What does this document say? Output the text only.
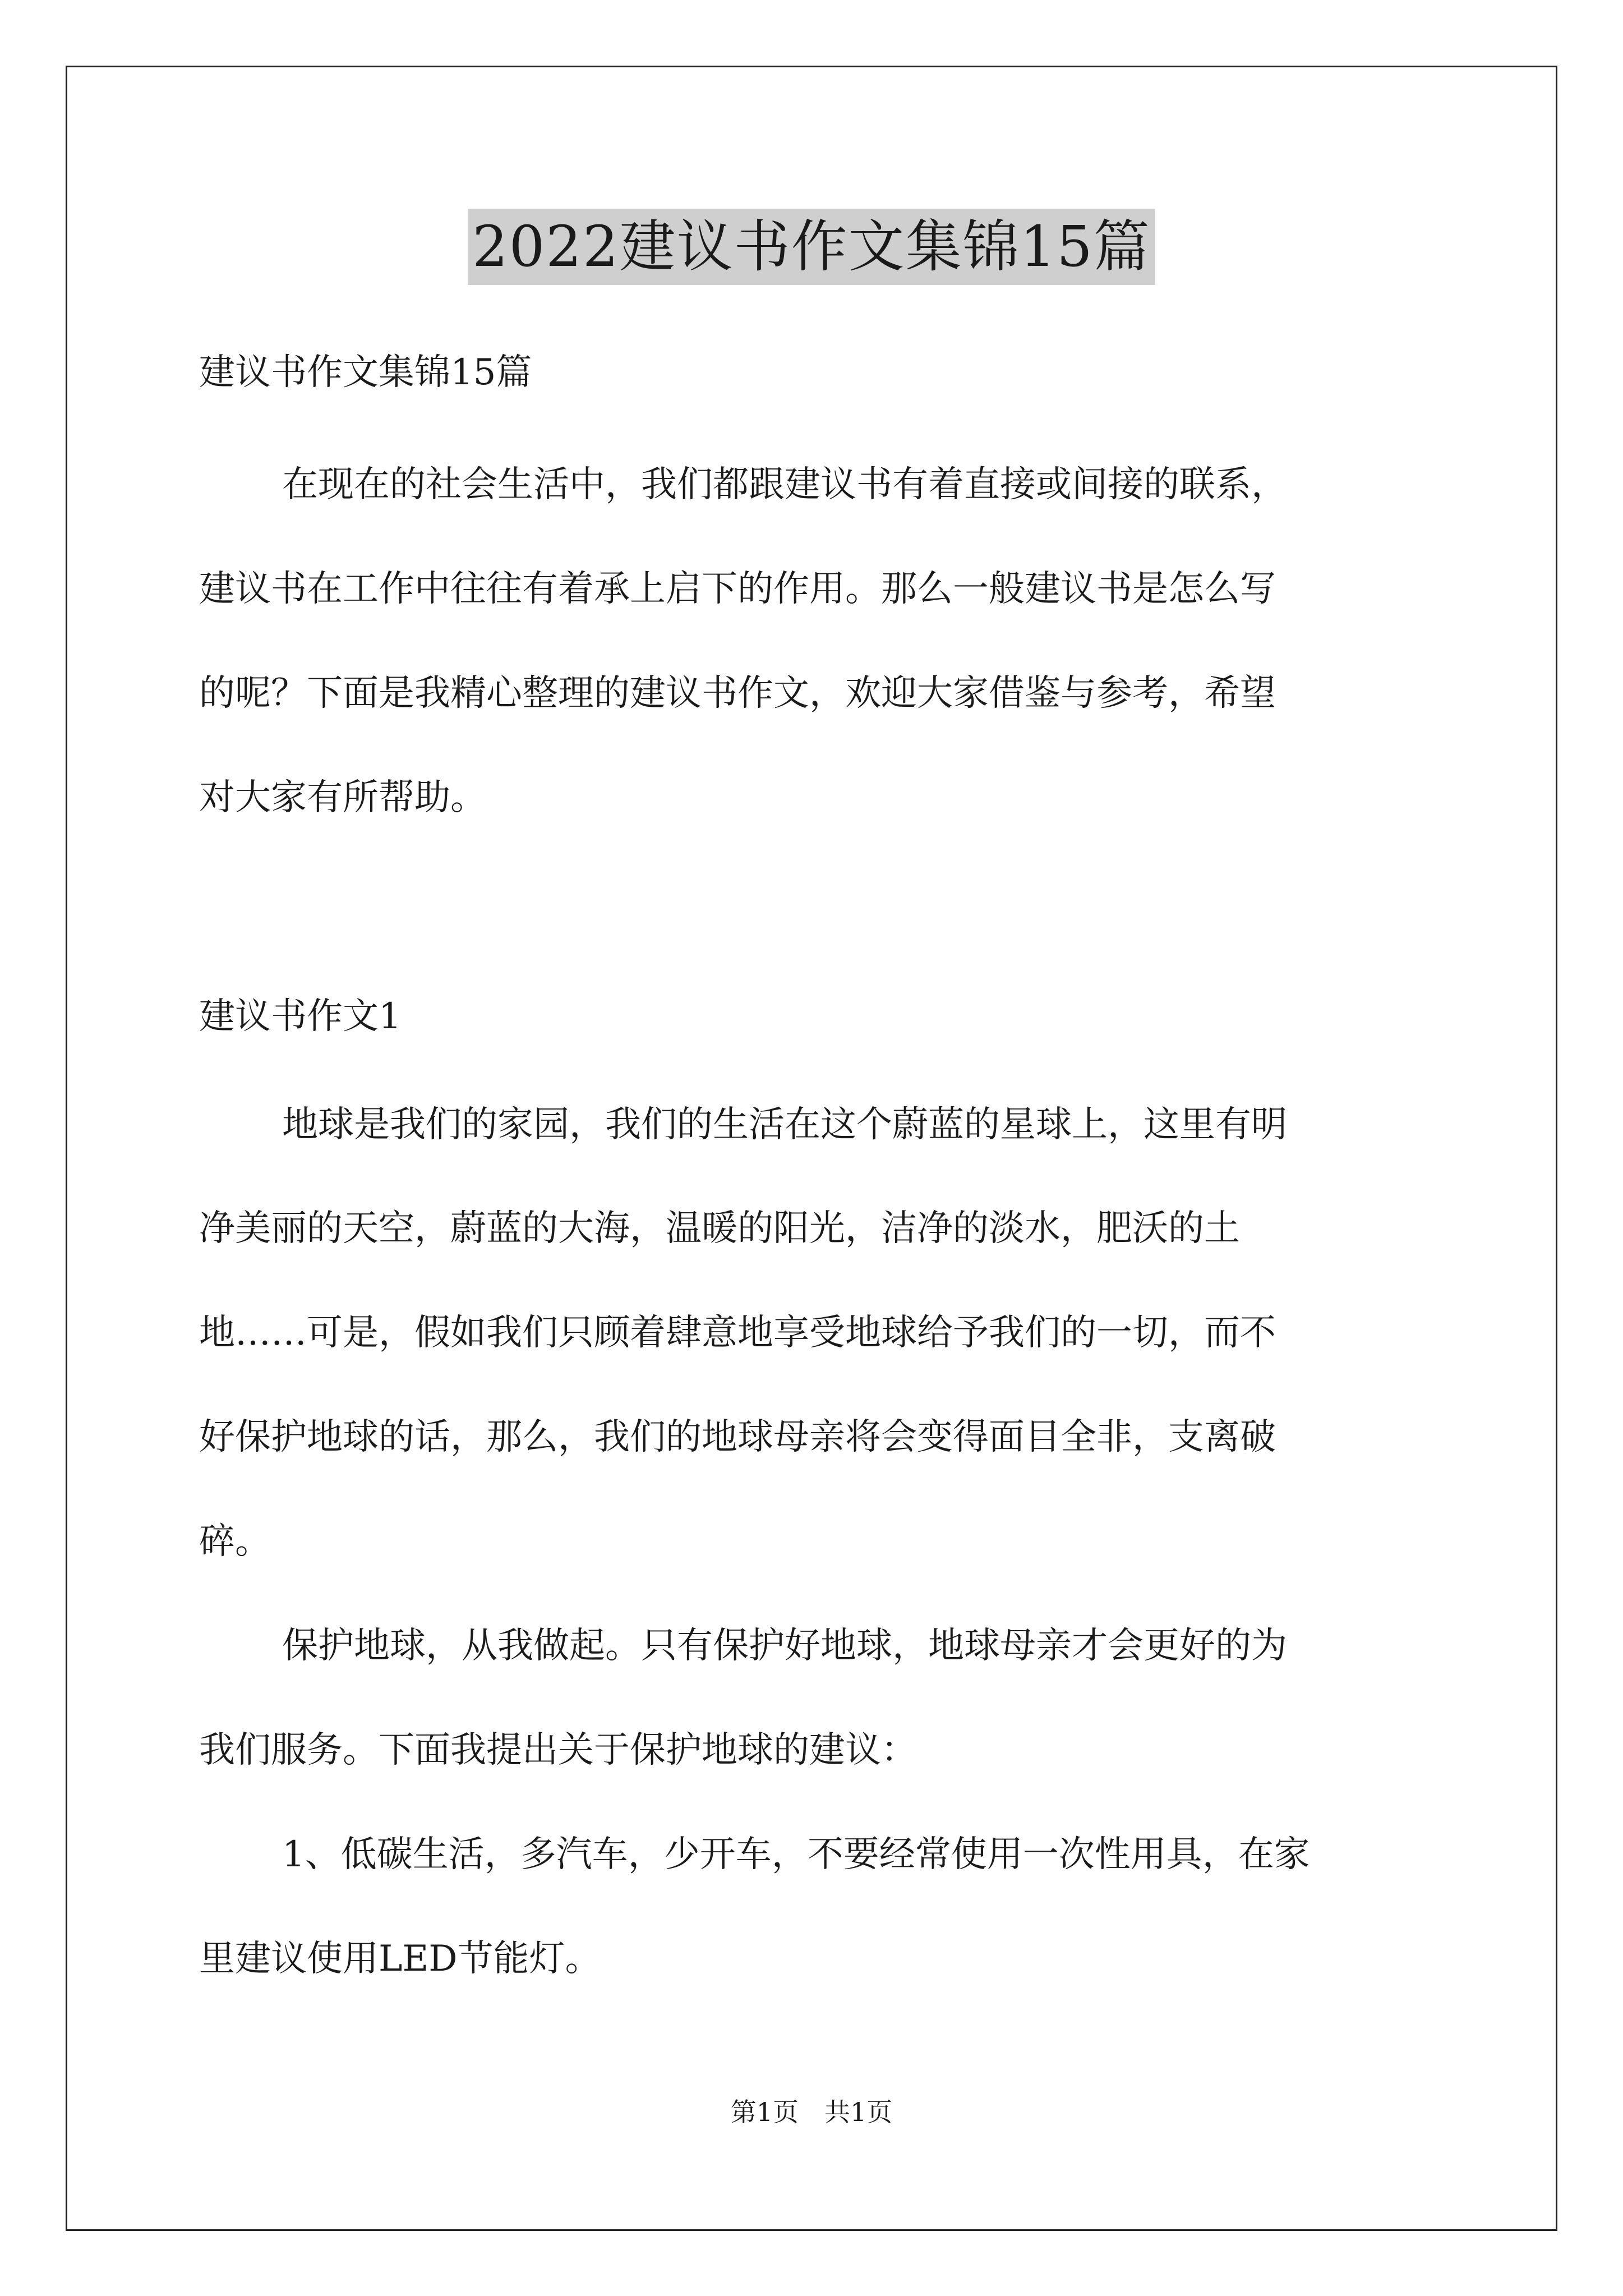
2022建议书作文集锦15篇
建议书作文集锦15篇
在现在的社会生活中，我们都跟建议书有着直接或间接的联系，
建议书在工作中往往有着承上启下的作用。那么一般建议书是怎么写
的呢？下面是我精心整理的建议书作文，欢迎大家借鉴与参考，希望
对大家有所帮助。
建议书作文1
地球是我们的家园，我们的生活在这个蔚蓝的星球上，这里有明
净美丽的天空，蔚蓝的大海，温暖的阳光，洁净的淡水，肥沃的土
地……可是，假如我们只顾着肆意地享受地球给予我们的一切，而不
好保护地球的话，那么，我们的地球母亲将会变得面目全非，支离破
碎。
保护地球，从我做起。只有保护好地球，地球母亲才会更好的为
我们服务。下面我提出关于保护地球的建议：
1、低碳生活，多汽车，少开车，不要经常使用一次性用具，在家
里建议使用LED节能灯。
第1页　共1页
